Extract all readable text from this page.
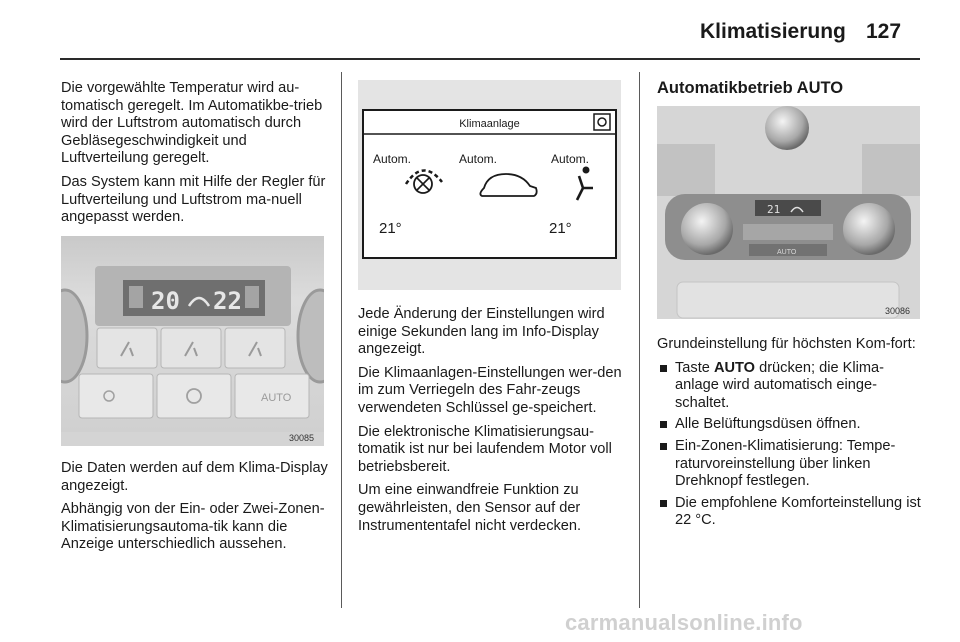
Klimatisierung 127

Die vorgewählte Temperatur wird au-tomatisch geregelt. Im Automatikbe-trieb wird der Luftstrom automatisch durch Gebläsegeschwindigkeit und Luftverteilung geregelt.

Das System kann mit Hilfe der Regler für Luftverteilung und Luftstrom ma-nuell angepasst werden.

20 22
AUTO
30085

Die Daten werden auf dem Klima-Display angezeigt.

Abhängig von der Ein- oder Zwei-Zonen-Klimatisierungsautoma-tik kann die Anzeige unterschiedlich aussehen.

Klimaanlage
Autom.	Autom.	Autom.
21°	21°

Jede Änderung der Einstellungen wird einige Sekunden lang im Info-Display angezeigt.

Die Klimaanlagen-Einstellungen wer-den im zum Verriegeln des Fahr-zeugs verwendeten Schlüssel ge-speichert.

Die elektronische Klimatisierungsau-tomatik ist nur bei laufendem Motor voll betriebsbereit.

Um eine einwandfreie Funktion zu gewährleisten, den Sensor auf der Instrumententafel nicht verdecken.

Automatikbetrieb AUTO
21
AUTO
30086

Grundeinstellung für höchsten Kom-fort:

Taste AUTO drücken; die Klima-anlage wird automatisch einge-schaltet.
Alle Belüftungsdüsen öffnen.
Ein-Zonen-Klimatisierung: Tempe-raturvoreinstellung über linken Drehknopf festlegen.
Die empfohlene Komforteinstellung ist 22 °C.
carmanualsonline.info
